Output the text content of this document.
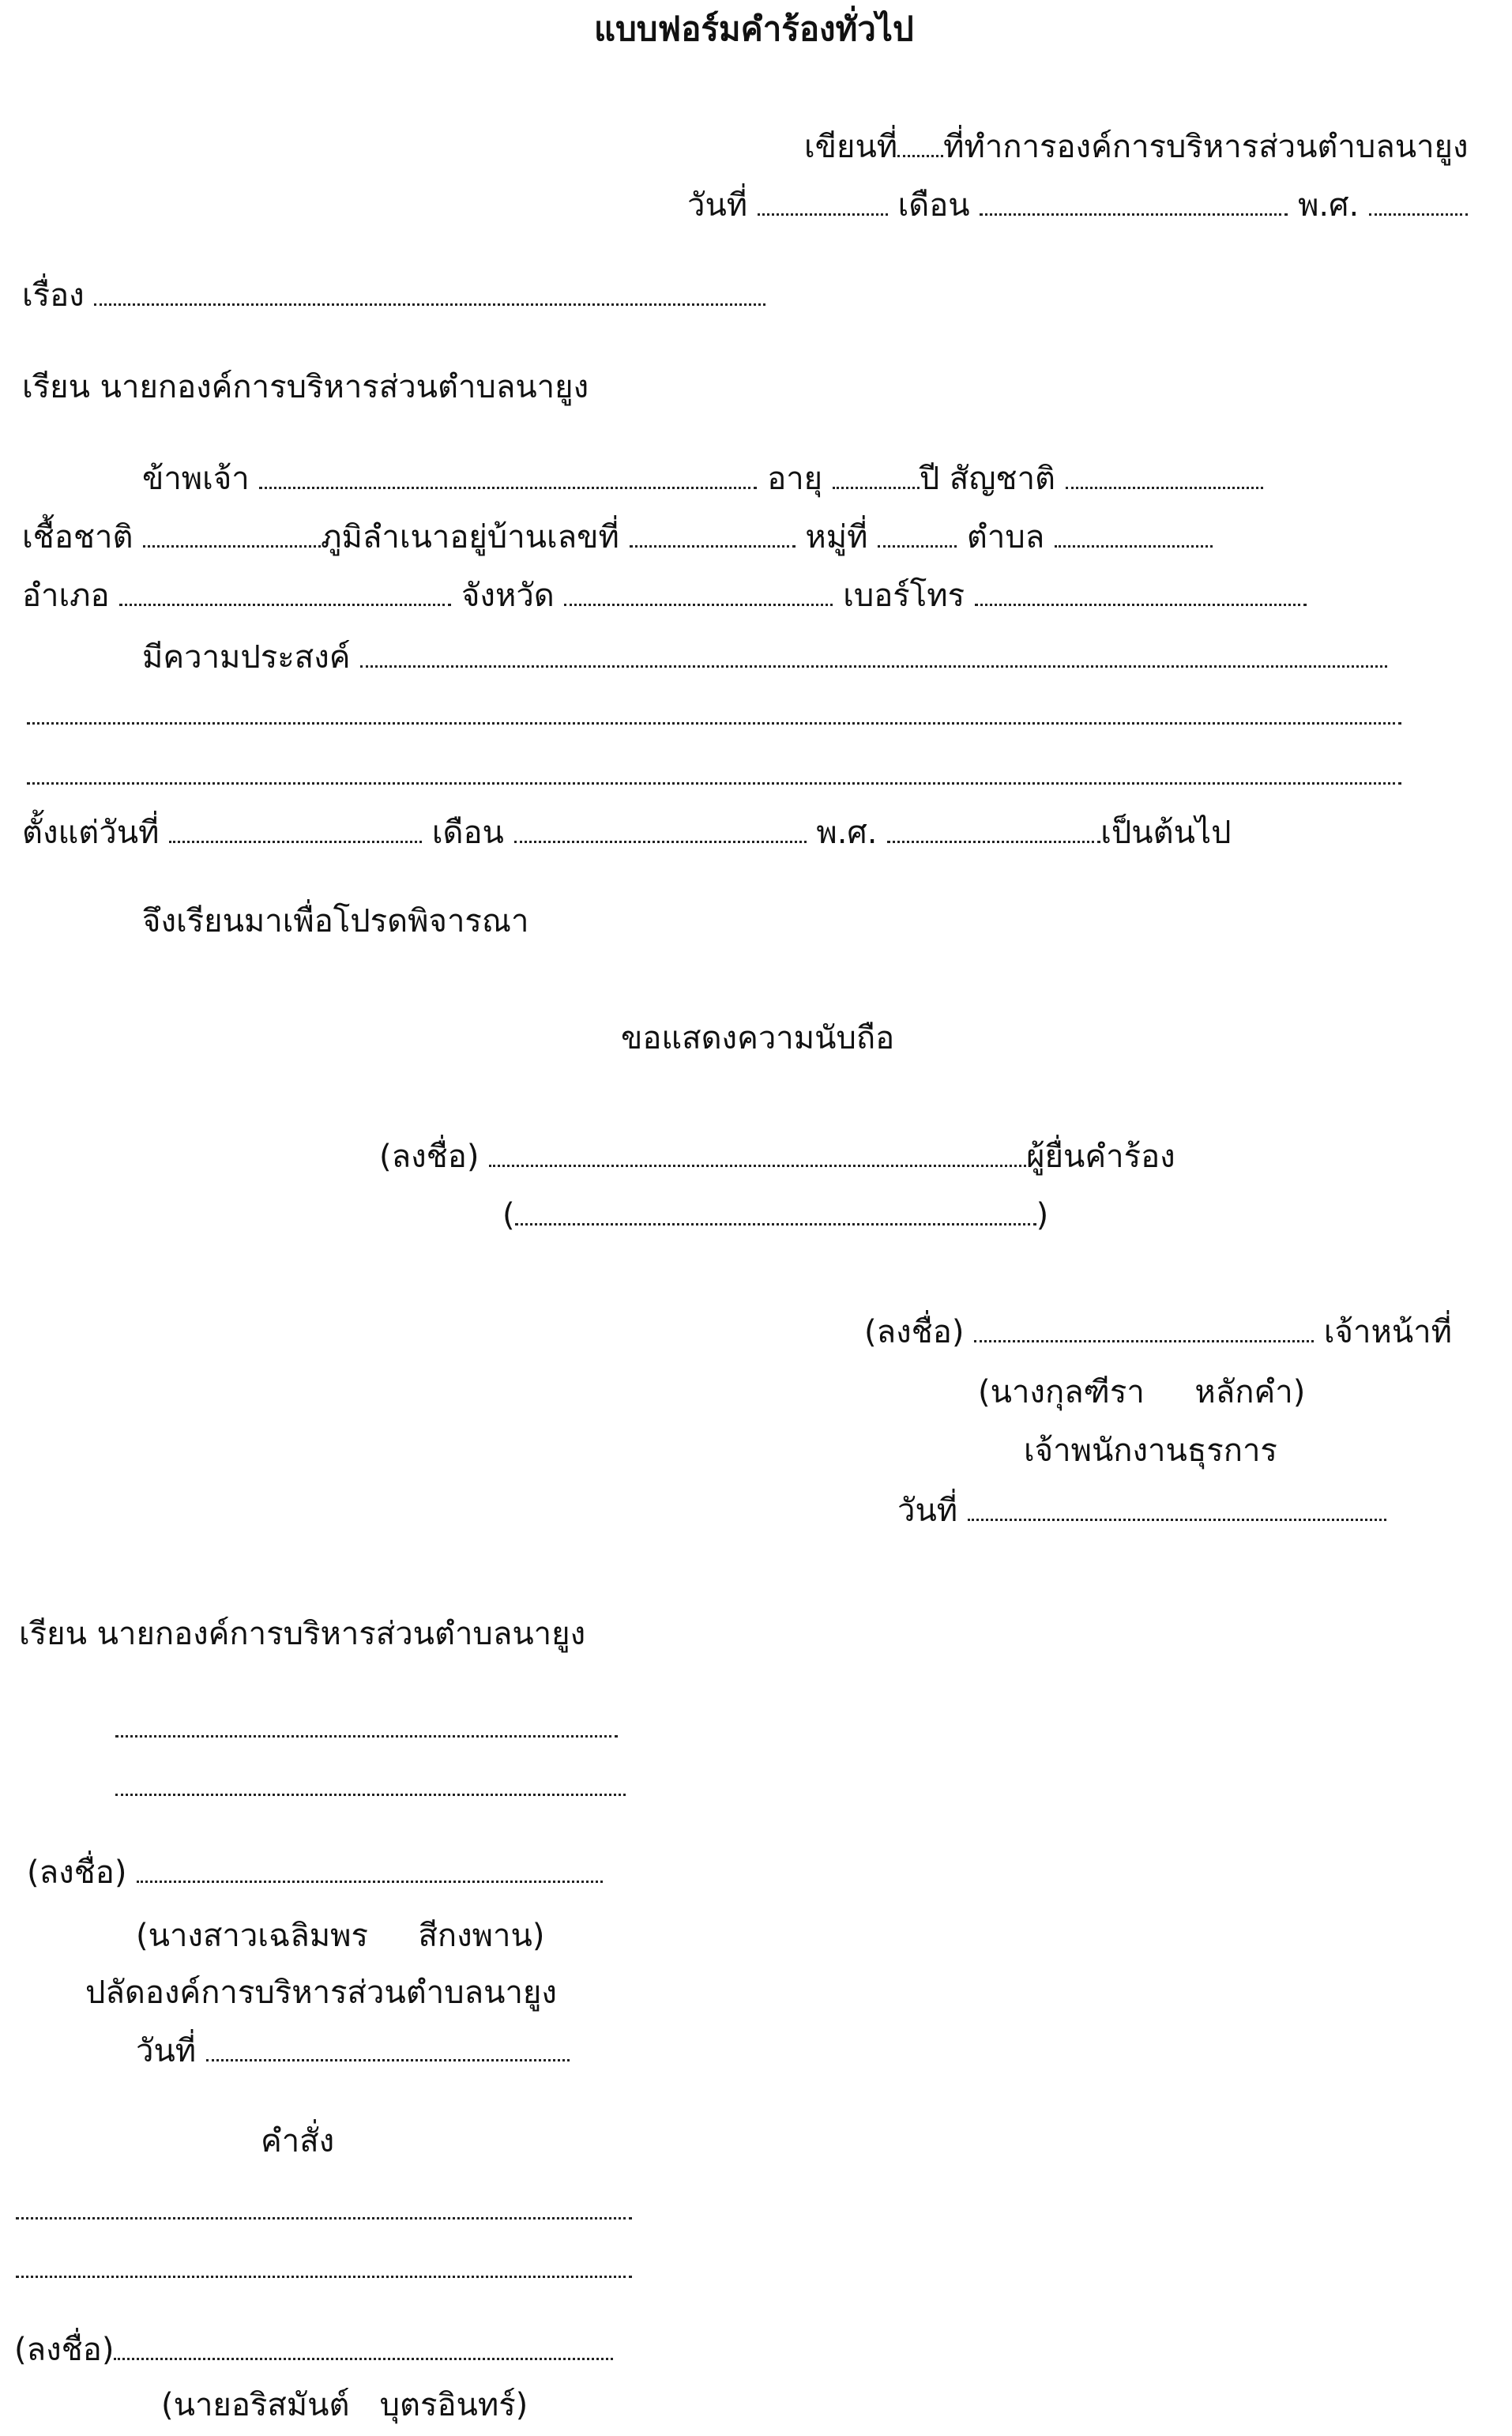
แบบฟอร์มคำร้องทั่วไป
เขียนที่ ที่ทำการองค์การบริหารส่วนตำบลนายูง
วันที่	เดือน	พ.ศ.
เรื่อง
เรียน นายกองค์การบริหารส่วนตำบลนายูง
ข้าพเจ้า	อายุ	ปี สัญชาติ
เชื้อชาติ	ภูมิลำเนาอยู่บ้านเลขที่	หมู่ที่	ตำบล
อำเภอ	จังหวัด	เบอร์โทร
มีความประสงค์
ตั้งแต่วันที่	เดือน	พ.ศ.	เป็นต้นไป
จึงเรียนมาเพื่อโปรดพิจารณา
ขอแสดงความนับถือ
(ลงชื่อ)	ผู้ยื่นคำร้อง
(	)
(ลงชื่อ)	เจ้าหน้าที่
(นางกุลฑีรา     หลักคำ)
เจ้าพนักงานธุรการ
วันที่
เรียน นายกองค์การบริหารส่วนตำบลนายูง
(ลงชื่อ)
(นางสาวเฉลิมพร     สีกงพาน)
ปลัดองค์การบริหารส่วนตำบลนายูง
วันที่
คำสั่ง
(ลงชื่อ)
(นายอริสมันต์   บุตรอินทร์)
